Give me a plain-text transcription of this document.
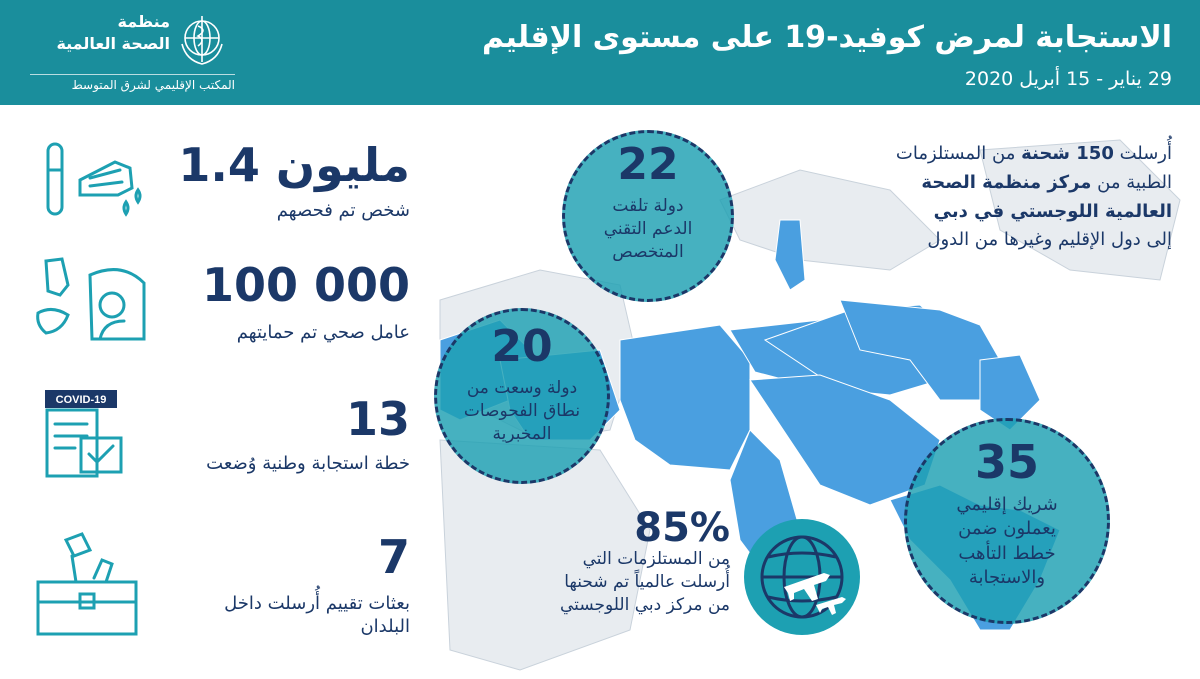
منظمة
الصحة العالمية
المكتب الإقليمي لشرق المتوسط
الاستجابة لمرض كوفيد-19 على مستوى الإقليم
29 يناير - 15 أبريل 2020
1.4 مليون
شخص تم فحصهم
100 000
عامل صحي تم حمايتهم
COVID-19	13
خطة استجابة وطنية وُضعت
7
بعثات تقييم أُرسلت داخل
البلدان
22
دولة تلقت
الدعم التقني
المتخصص
20
دولة وسعت من
نطاق الفحوصات
المخبرية
35
شريك إقليمي
يعملون ضمن
خطط التأهب
والاستجابة
أُرسلت 150 شحنة من المستلزمات
الطبية من مركز منظمة الصحة
العالمية اللوجستي في دبي
إلى دول الإقليم وغيرها من الدول
85%
من المستلزمات التي
أُرسلت عالمياً تم شحنها
من مركز دبي اللوجستي
